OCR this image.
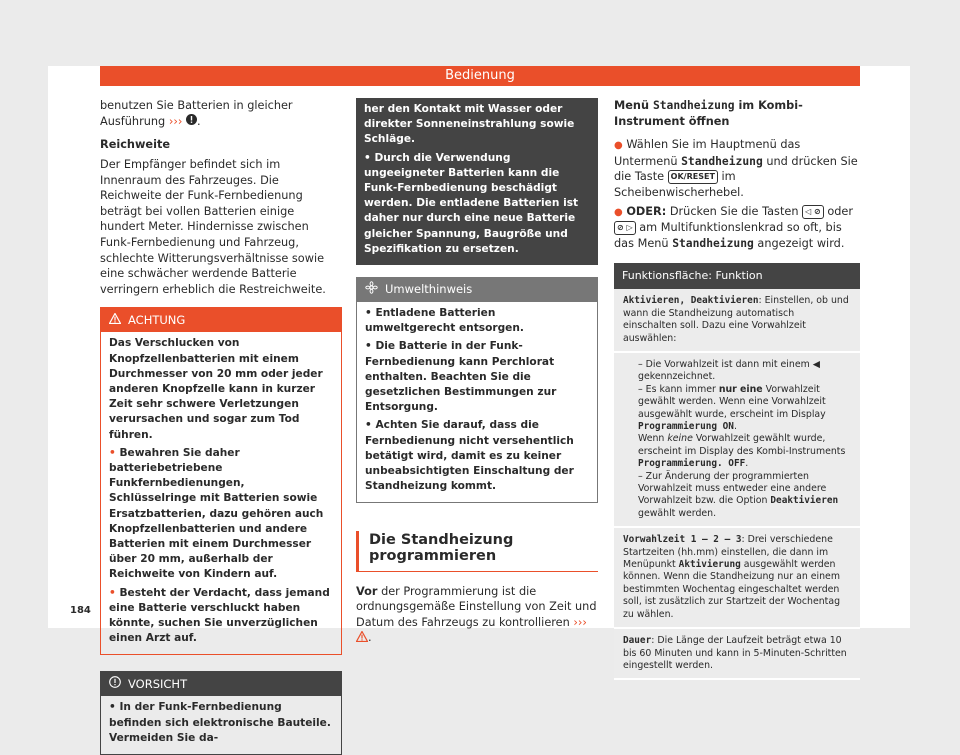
Bedienung

benutzen Sie Batterien in gleicher Ausführung ››› .

Reichweite

Der Empfänger befindet sich im Innenraum des Fahrzeuges. Die Reichweite der Funk-Fernbedienung beträgt bei vollen Batterien einige hundert Meter. Hindernisse zwischen Funk-Fernbedienung und Fahrzeug, schlechte Witterungsverhältnisse sowie eine schwächer werdende Batterie verringern erheblich die Restreichweite.

ACHTUNG

Das Verschlucken von Knopfzellenbatterien mit einem Durchmesser von 20 mm oder jeder anderen Knopfzelle kann in kurzer Zeit sehr schwere Verletzungen verursachen und sogar zum Tod führen.

• Bewahren Sie daher batteriebetriebene Funkfernbedienungen, Schlüsselringe mit Batterien sowie Ersatzbatterien, dazu gehören auch Knopfzellenbatterien und andere Batterien mit einem Durchmesser über 20 mm, außerhalb der Reichweite von Kindern auf.

• Besteht der Verdacht, dass jemand eine Batterie verschluckt haben könnte, suchen Sie unverzüglichen einen Arzt auf.

VORSICHT

• In der Funk-Fernbedienung befinden sich elektronische Bauteile. Vermeiden Sie da-

her den Kontakt mit Wasser oder direkter Sonneneinstrahlung sowie Schläge.

• Durch die Verwendung ungeeigneter Batterien kann die Funk-Fernbedienung beschädigt werden. Die entladene Batterien ist daher nur durch eine neue Batterie gleicher Spannung, Baugröße und Spezifikation zu ersetzen.

Umwelthinweis

• Entladene Batterien umweltgerecht entsorgen.

• Die Batterie in der Funk-Fernbedienung kann Perchlorat enthalten. Beachten Sie die gesetzlichen Bestimmungen zur Entsorgung.

• Achten Sie darauf, dass die Fernbedienung nicht versehentlich betätigt wird, damit es zu keiner unbeabsichtigten Einschaltung der Standheizung kommt.

Die Standheizung programmieren

Vor der Programmierung ist die ordnungsgemäße Einstellung von Zeit und Datum des Fahrzeugs zu kontrollieren ››› .

Menü Standheizung im Kombi-Instrument öffnen

● Wählen Sie im Hauptmenü das Untermenü Standheizung und drücken Sie die Taste OK/RESET im Scheibenwischerhebel.

● ODER: Drücken Sie die Tasten ◁ ⊘ oder ⊘ ▷ am Multifunktionslenkrad so oft, bis das Menü Standheizung angezeigt wird.

Funktionsfläche: Funktion
Aktivieren, Deaktivieren: Einstellen, ob und wann die Standheizung automatisch einschalten soll. Dazu eine Vorwahlzeit auswählen:
– Die Vorwahlzeit ist dann mit einem ◀ gekennzeichnet.
– Es kann immer nur eine Vorwahlzeit gewählt werden. Wenn eine Vorwahlzeit ausgewählt wurde, erscheint im Display Programmierung ON.
Wenn keine Vorwahlzeit gewählt wurde, erscheint im Display des Kombi-Instruments Programmierung. OFF.
– Zur Änderung der programmierten Vorwahlzeit muss entweder eine andere Vorwahlzeit bzw. die Option Deaktivieren gewählt werden.
Vorwahlzeit 1 – 2 – 3: Drei verschiedene Startzeiten (hh.mm) einstellen, die dann im Menüpunkt Aktivierung ausgewählt werden können. Wenn die Standheizung nur an einem bestimmten Wochentag eingeschaltet werden soll, ist zusätzlich zur Startzeit der Wochentag zu wählen.
Dauer: Die Länge der Laufzeit beträgt etwa 10 bis 60 Minuten und kann in 5-Minuten-Schritten eingestellt werden.
184
